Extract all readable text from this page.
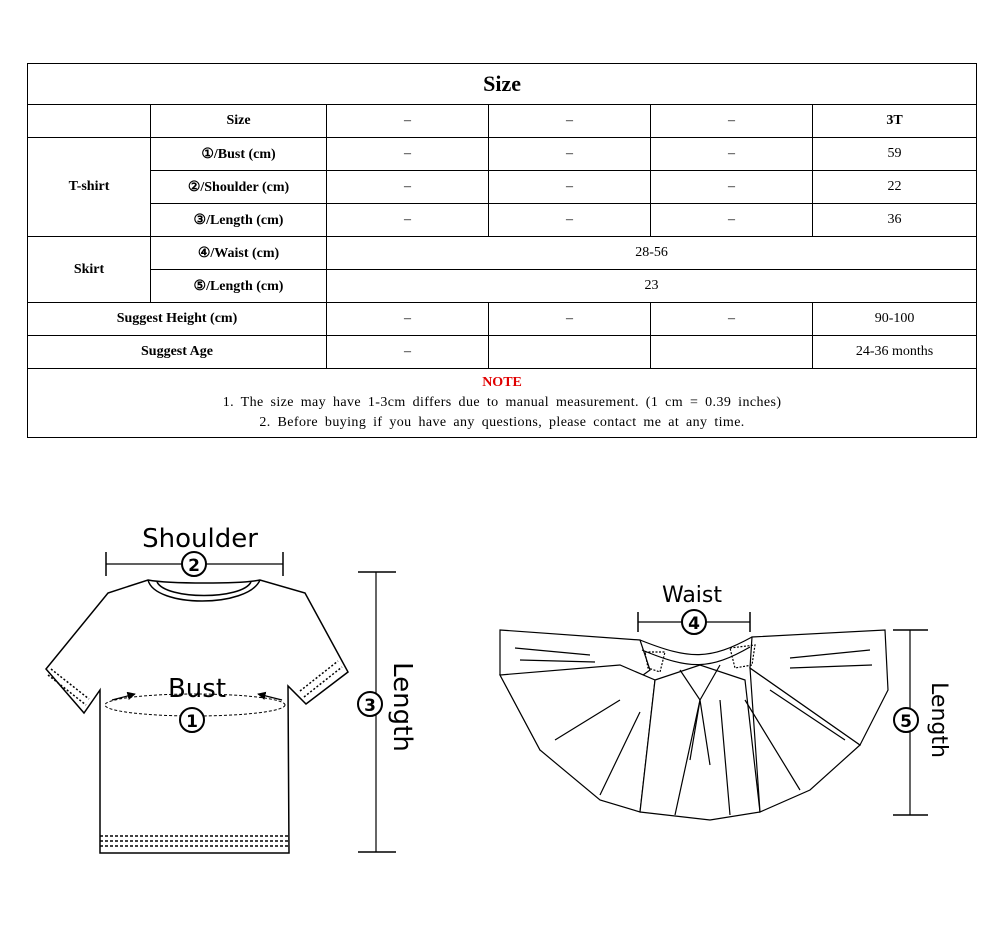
Size					
	Size	–	–	–	3T
T-shirt	①/Bust (cm)	–	–	–	59
	②/Shoulder (cm)	–	–	–	22
	③/Length (cm)	–	–	–	36
Skirt	④/Waist (cm)	28-56			
	⑤/Length (cm)	23			
Suggest Height (cm)		–	–	–	90-100
Suggest Age		–			24-36 months

NOTE
1. The size may have 1-3cm differs due to manual measurement. (1 cm = 0.39 inches)
2. Before buying if you have any questions, please contact me at any time.					
2
Shoulder
Bust
1
3 Length
4
Waist
5 Length
